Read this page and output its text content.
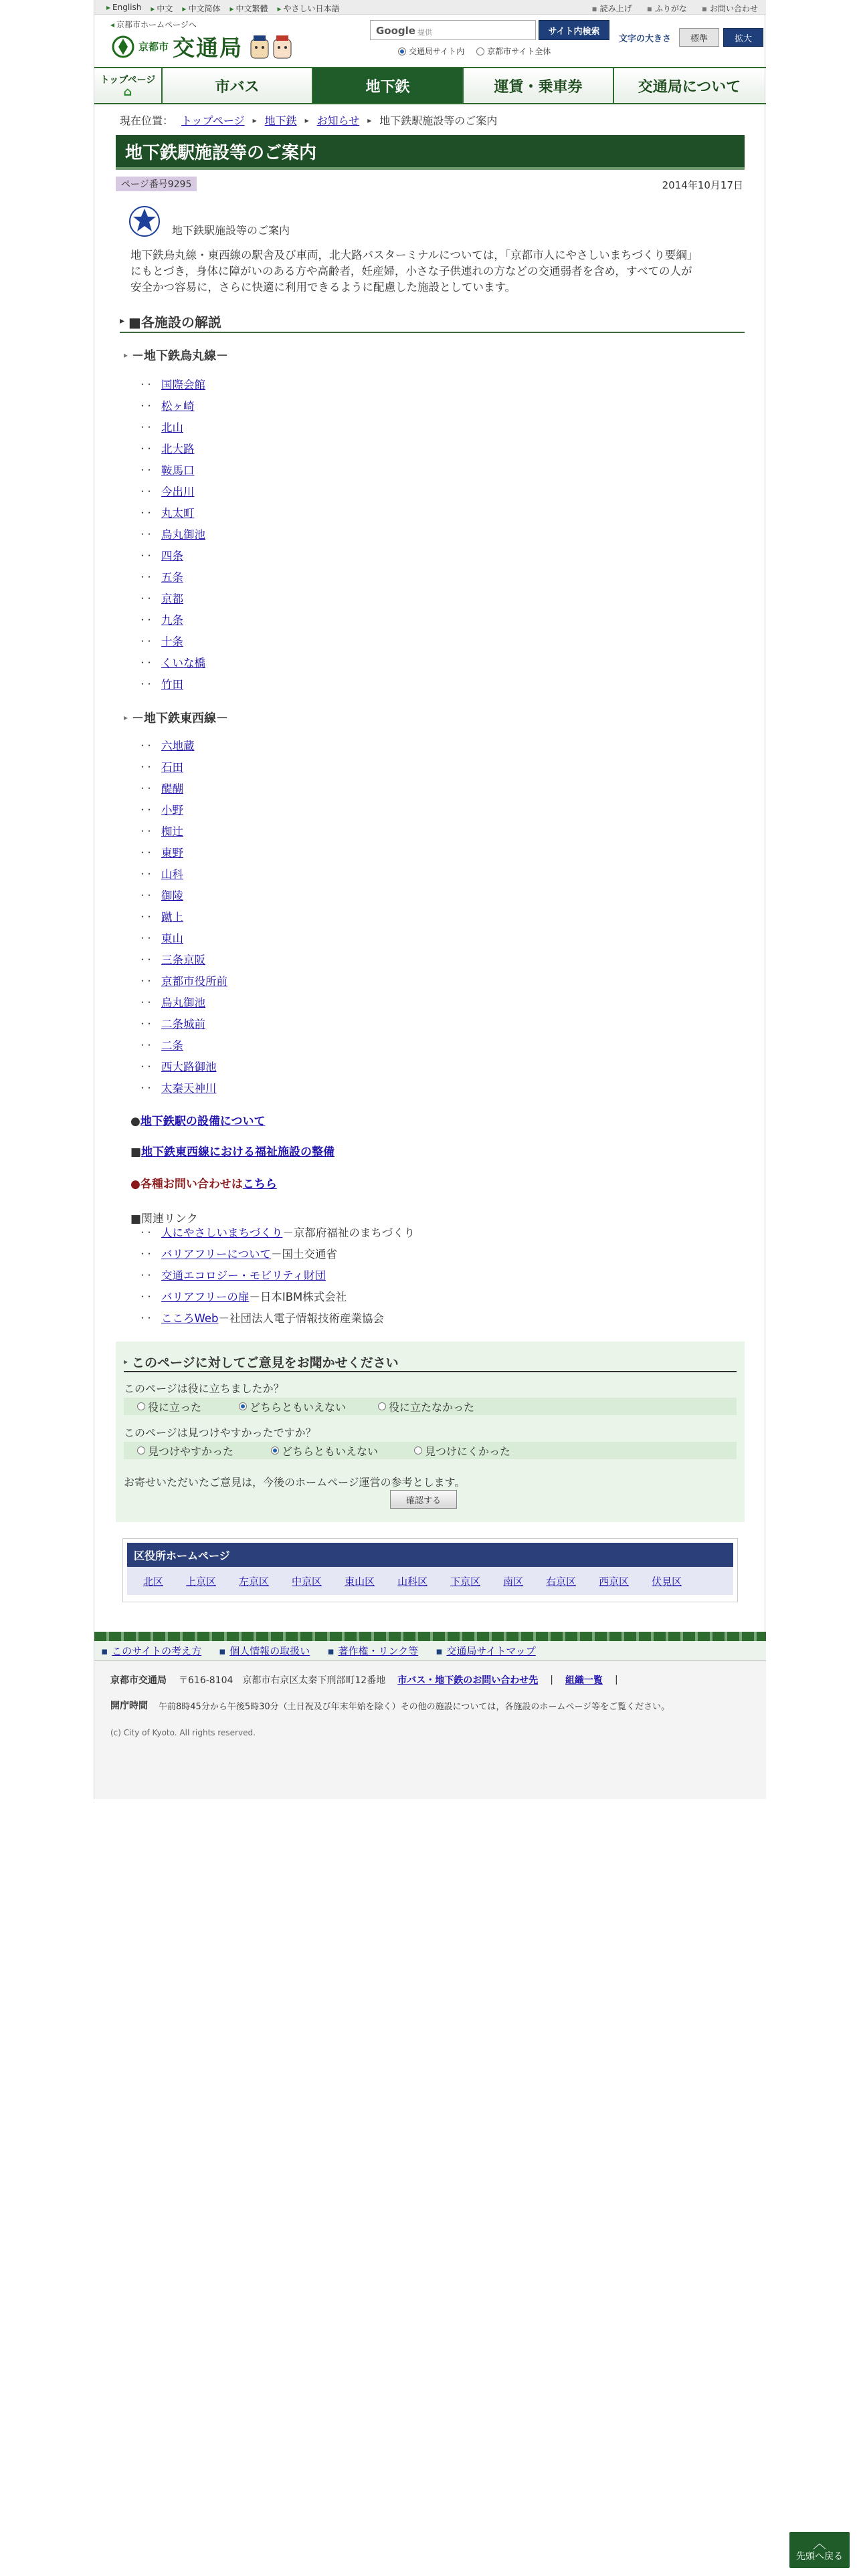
▸ English	▸ 中文	▸ 中文简体	▸ 中文繁體	▸ やさしい日本語	▪ 読み上げ	▪ ふりがな	▪ お問い合わせ
◂ 京都市ホームページへ
京都市 交通局
Google 提供	サイト内検索
交通局サイト内	京都市サイト全体
文字の大きさ	標準	拡大
トップページ
⌂	市バス	地下鉄	運賃・乗車券	交通局について
現在位置： トップページ ▸ 地下鉄 ▸ お知らせ ▸ 地下鉄駅施設等のご案内
地下鉄駅施設等のご案内
ページ番号9295	2014年10月17日
地下鉄駅施設等のご案内
地下鉄烏丸線・東西線の駅舎及び車両，北大路バスターミナルについては，「京都市人にやさしいまちづくり要綱」
にもとづき，身体に障がいのある方や高齢者，妊産婦，小さな子供連れの方などの交通弱者を含め，すべての人が
安全かつ容易に，さらに快適に利用できるように配慮した施設としています。
▸ ■各施設の解説
▸ －地下鉄烏丸線－
・・ 国際会館
・・ 松ヶ崎
・・ 北山
・・ 北大路
・・ 鞍馬口
・・ 今出川
・・ 丸太町
・・ 烏丸御池
・・ 四条
・・ 五条
・・ 京都
・・ 九条
・・ 十条
・・ くいな橋
・・ 竹田
▸ －地下鉄東西線－
・・ 六地蔵
・・ 石田
・・ 醍醐
・・ 小野
・・ 椥辻
・・ 東野
・・ 山科
・・ 御陵
・・ 蹴上
・・ 東山
・・ 三条京阪
・・ 京都市役所前
・・ 烏丸御池
・・ 二条城前
・・ 二条
・・ 西大路御池
・・ 太秦天神川
●地下鉄駅の設備について
■地下鉄東西線における福祉施設の整備
●各種お問い合わせはこちら
■関連リンク
・・ 人にやさしいまちづくり －京都府福祉のまちづくり
・・ バリアフリーについて －国土交通省
・・ 交通エコロジー・モビリティ財団
・・ バリアフリーの扉 －日本IBM株式会社
・・ こころWeb －社団法人電子情報技術産業協会
▸ このページに対してご意見をお聞かせください
このページは役に立ちましたか？
役に立った	どちらともいえない	役に立たなかった
このページは見つけやすかったですか？
見つけやすかった	どちらともいえない	見つけにくかった
お寄せいただいたご意見は，今後のホームページ運営の参考とします。
確認する
区役所ホームページ
北区 上京区 左京区 中京区 東山区 山科区 下京区 南区 右京区 西京区 伏見区
▪ このサイトの考え方	▪ 個人情報の取扱い	▪ 著作権・リンク等	▪ 交通局サイトマップ
京都市交通局 〒616-8104　京都市右京区太秦下刑部町12番地 市バス・地下鉄のお問い合わせ先 | 組織一覧 |
開庁時間 午前8時45分から午後5時30分（土日祝及び年末年始を除く）その他の施設については，各施設のホームページ等をご覧ください。
(c) City of Kyoto. All rights reserved.
︿
先頭へ戻る
